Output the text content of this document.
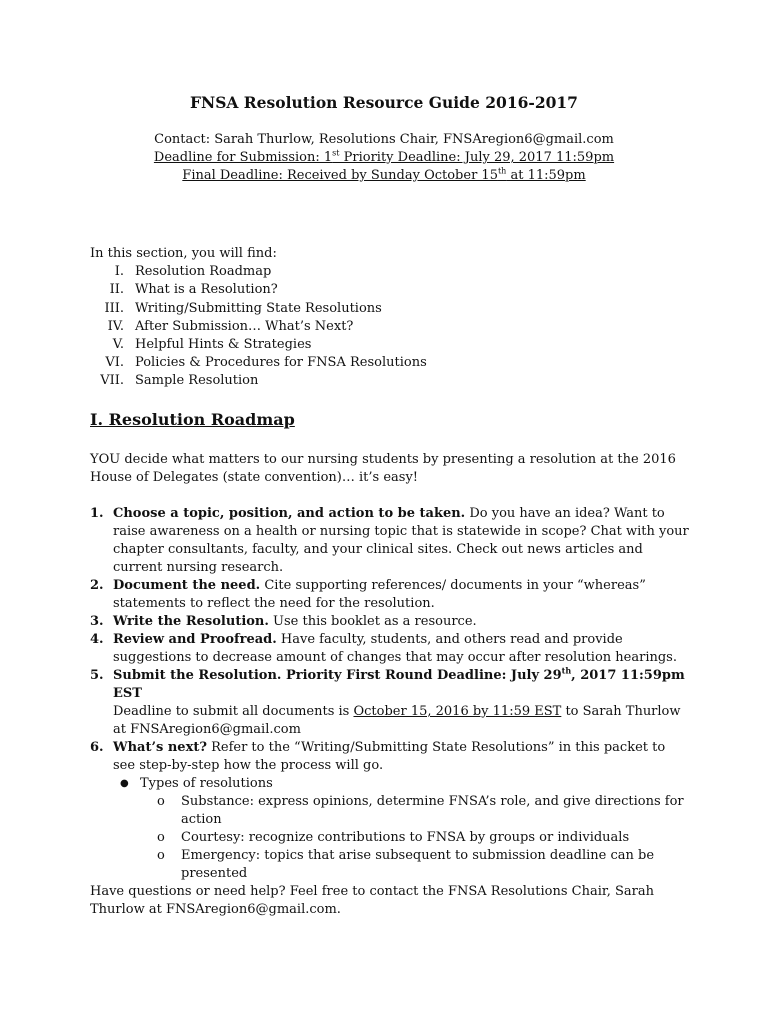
FNSA Resolution Resource Guide 2016-2017
Contact: Sarah Thurlow, Resolutions Chair, FNSAregion6@gmail.com
Deadline for Submission: 1st Priority Deadline: July 29, 2017 11:59pm
Final Deadline: Received by Sunday October 15th at 11:59pm
In this section, you will find:
I. Resolution Roadmap
II. What is a Resolution?
III. Writing/Submitting State Resolutions
IV. After Submission… What’s Next?
V. Helpful Hints & Strategies
VI. Policies & Procedures for FNSA Resolutions
VII. Sample Resolution
I. Resolution Roadmap
YOU decide what matters to our nursing students by presenting a resolution at the 2016 House of Delegates (state convention)… it’s easy!
1. Choose a topic, position, and action to be taken. Do you have an idea? Want to raise awareness on a health or nursing topic that is statewide in scope? Chat with your chapter consultants, faculty, and your clinical sites. Check out news articles and current nursing research.
2. Document the need. Cite supporting references/ documents in your “whereas” statements to reflect the need for the resolution.
3. Write the Resolution. Use this booklet as a resource.
4. Review and Proofread. Have faculty, students, and others read and provide suggestions to decrease amount of changes that may occur after resolution hearings.
5. Submit the Resolution. Priority First Round Deadline: July 29th, 2017 11:59pm EST
Deadline to submit all documents is October 15, 2016 by 11:59 EST to Sarah Thurlow at FNSAregion6@gmail.com
6. What’s next? Refer to the “Writing/Submitting State Resolutions” in this packet to see step-by-step how the process will go.
● Types of resolutions
o	Substance: express opinions, determine FNSA’s role, and give directions for action
o	Courtesy: recognize contributions to FNSA by groups or individuals
o	Emergency: topics that arise subsequent to submission deadline can be presented
Have questions or need help? Feel free to contact the FNSA Resolutions Chair, Sarah Thurlow at FNSAregion6@gmail.com.
